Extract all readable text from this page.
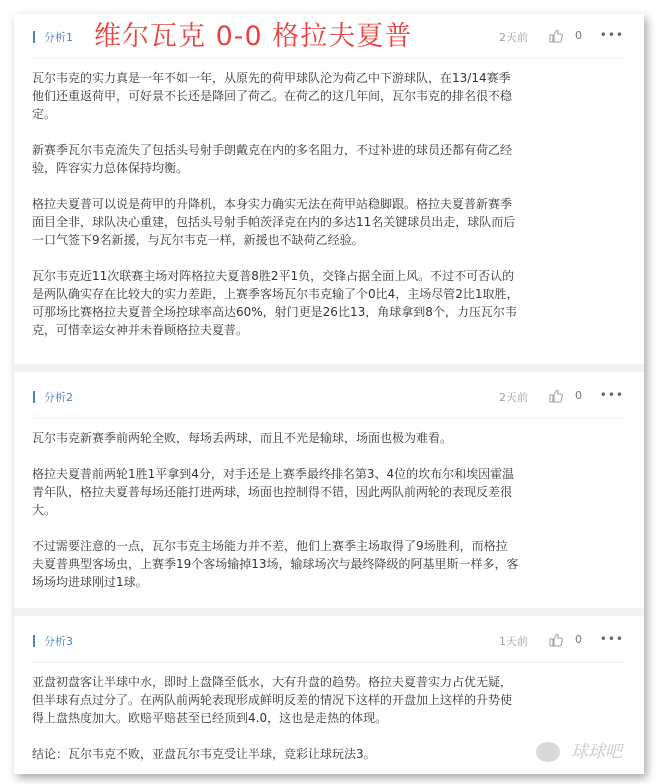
分析1	2天前	0 •••

瓦尔韦克的实力真是一年不如一年，从原先的荷甲球队沦为荷乙中下游球队，在13/14赛季
他们还重返荷甲，可好景不长还是降回了荷乙。在荷乙的这几年间，瓦尔韦克的排名很不稳
定。

新赛季瓦尔韦克流失了包括头号射手朗戴克在内的多名阻力，不过补进的球员还都有荷乙经
验，阵容实力总体保持均衡。

格拉夫夏普可以说是荷甲的升降机，本身实力确实无法在荷甲站稳脚跟。格拉夫夏普新赛季
面目全非，球队决心重建，包括头号射手帕茨泽克在内的多达11名关键球员出走，球队而后
一口气签下9名新援，与瓦尔韦克一样，新援也不缺荷乙经验。

瓦尔韦克近11次联赛主场对阵格拉夫夏普8胜2平1负，交锋占据全面上风。不过不可否认的
是两队确实存在比较大的实力差距，上赛季客场瓦尔韦克输了个0比4，主场尽管2比1取胜，
可那场比赛格拉夫夏普全场控球率高达60%，射门更是26比13，角球拿到8个，力压瓦尔韦
克，可惜幸运女神并未眷顾格拉夫夏普。

分析2	2天前	0 •••

瓦尔韦克新赛季前两轮全败，每场丢两球，而且不光是输球，场面也极为难看。

格拉夫夏普前两轮1胜1平拿到4分，对手还是上赛季最终排名第3、4位的坎布尔和埃因霍温
青年队，格拉夫夏普每场还能打进两球，场面也控制得不错，因此两队前两轮的表现反差很
大。

不过需要注意的一点，瓦尔韦克主场能力并不差，他们上赛季主场取得了9场胜利，而格拉
夫夏普典型客场虫，上赛季19个客场输掉13场，输球场次与最终降级的阿基里斯一样多，客
场场均进球刚过1球。

分析3	1天前	0 •••

亚盘初盘客让半球中水，即时上盘降至低水，大有升盘的趋势。格拉夫夏普实力占优无疑，
但半球有点过分了。在两队前两轮表现形成鲜明反差的情况下这样的开盘加上这样的升势使
得上盘热度加大。欧赔平赔甚至已经顶到4.0，这也是走热的体现。

结论：瓦尔韦克不败，亚盘瓦尔韦克受让半球，竞彩让球玩法3。	球球吧
维尔瓦克 0-0 格拉夫夏普
